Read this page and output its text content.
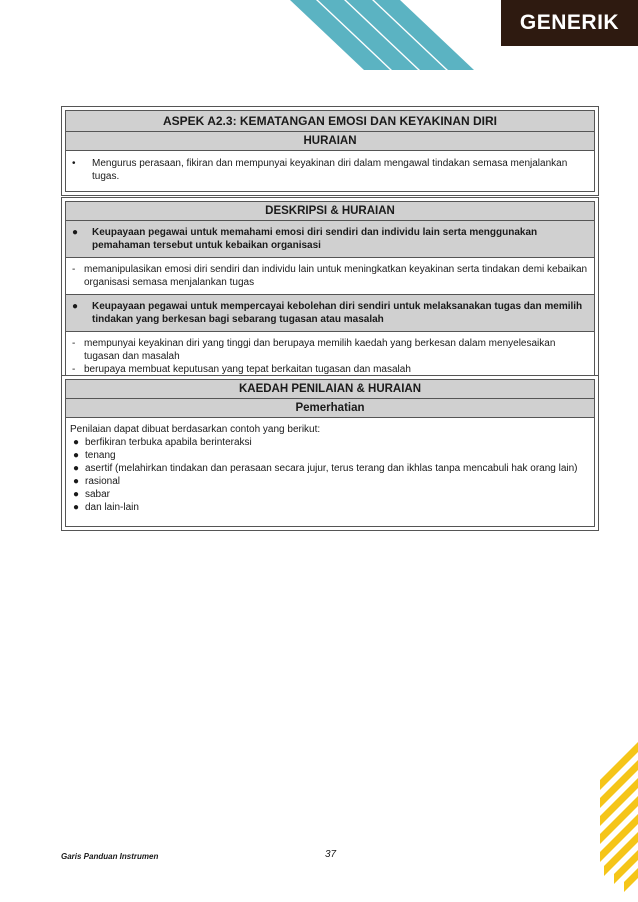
GENERIK
ASPEK A2.3: KEMATANGAN EMOSI DAN KEYAKINAN DIRI
HURAIAN
•	Mengurus perasaan, fikiran dan mempunyai keyakinan diri dalam mengawal tindakan semasa menjalankan tugas.
DESKRIPSI & HURAIAN
●	Keupayaan pegawai untuk memahami emosi diri sendiri dan individu lain serta menggunakan pemahaman tersebut untuk kebaikan organisasi
- memanipulasikan emosi diri sendiri dan individu lain untuk meningkatkan keyakinan serta tindakan demi kebaikan organisasi semasa menjalankan tugas
●	Keupayaan pegawai untuk mempercayai kebolehan diri sendiri untuk melaksanakan tugas dan memilih tindakan yang berkesan bagi sebarang tugasan atau masalah
- mempunyai keyakinan diri yang tinggi dan berupaya memilih kaedah yang berkesan dalam menyelesaikan tugasan dan masalah
- berupaya membuat keputusan yang tepat berkaitan tugasan dan masalah
KAEDAH PENILAIAN & HURAIAN
Pemerhatian
Penilaian dapat dibuat berdasarkan contoh yang berikut:
● berfikiran terbuka apabila berinteraksi
● tenang
● asertif (melahirkan tindakan dan perasaan secara jujur, terus terang dan ikhlas tanpa mencabuli hak orang lain)
● rasional
● sabar
● dan lain-lain
Garis Panduan Instrumen	37
